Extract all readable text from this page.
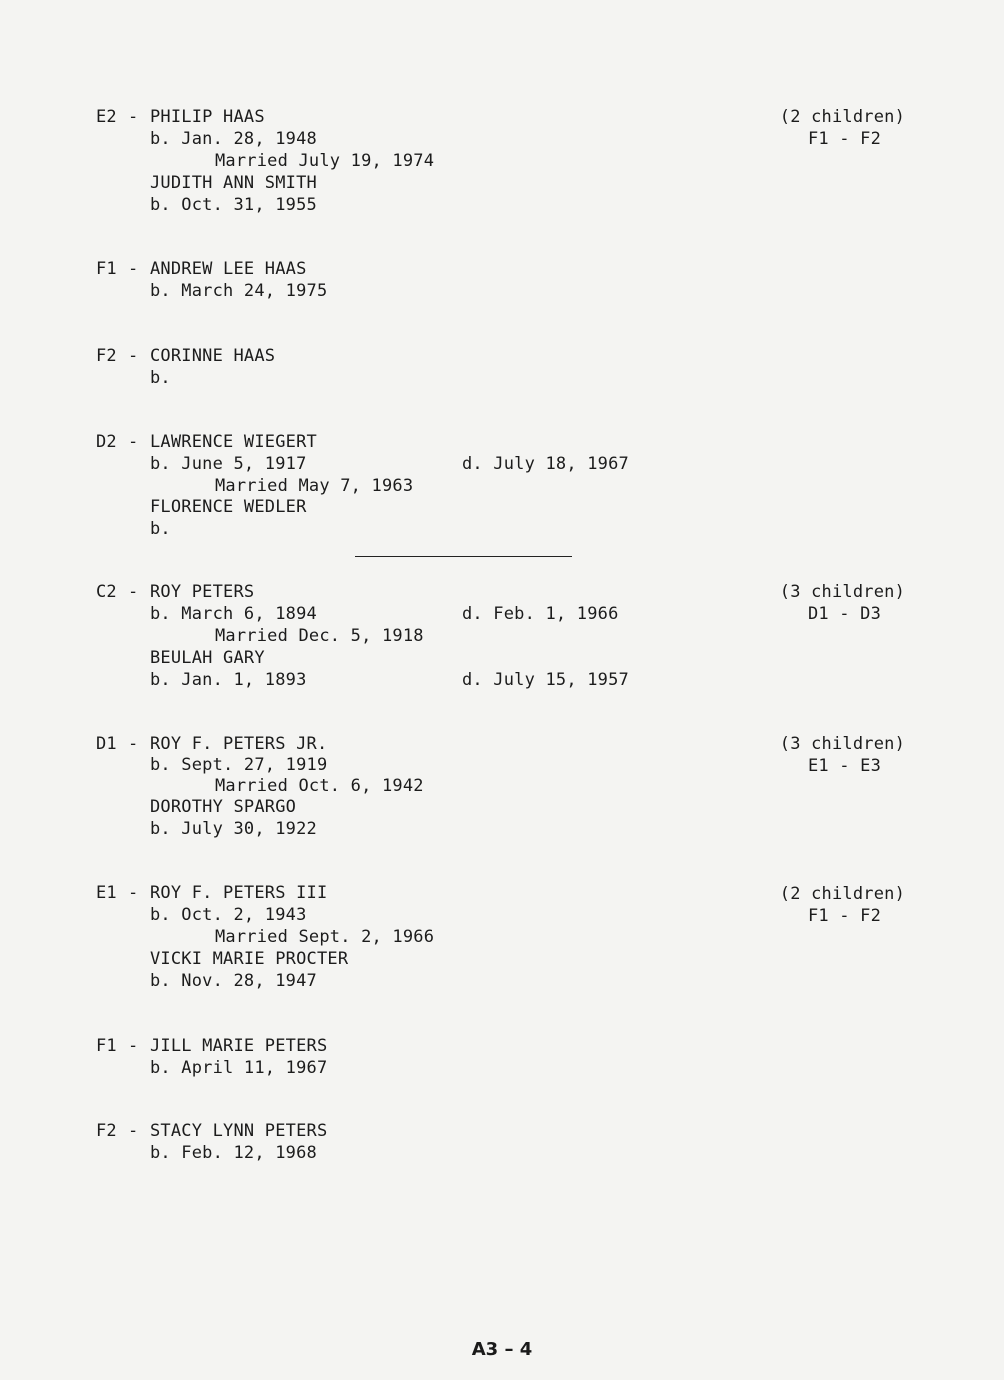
E2 - PHILIP HAAS
b. Jan. 28, 1948
Married July 19, 1974
JUDITH ANN SMITH
b. Oct. 31, 1955
(2 children)
F1 - F2
F1 - ANDREW LEE HAAS
b. March 24, 1975
F2 - CORINNE HAAS
b.
D2 - LAWRENCE WIEGERT
b. June 5, 1917	d. July 18, 1967
Married May 7, 1963
FLORENCE WEDLER
b.
C2 - ROY PETERS
b. March 6, 1894	d. Feb. 1, 1966
Married Dec. 5, 1918
BEULAH GARY
b. Jan. 1, 1893	d. July 15, 1957
(3 children)
D1 - D3
D1 - ROY F. PETERS JR.
b. Sept. 27, 1919
Married Oct. 6, 1942
DOROTHY SPARGO
b. July 30, 1922
(3 children)
E1 - E3
E1 - ROY F. PETERS III
b. Oct. 2, 1943
Married Sept. 2, 1966
VICKI MARIE PROCTER
b. Nov. 28, 1947
(2 children)
F1 - F2
F1 - JILL MARIE PETERS
b. April 11, 1967
F2 - STACY LYNN PETERS
b. Feb. 12, 1968
A3 – 4
